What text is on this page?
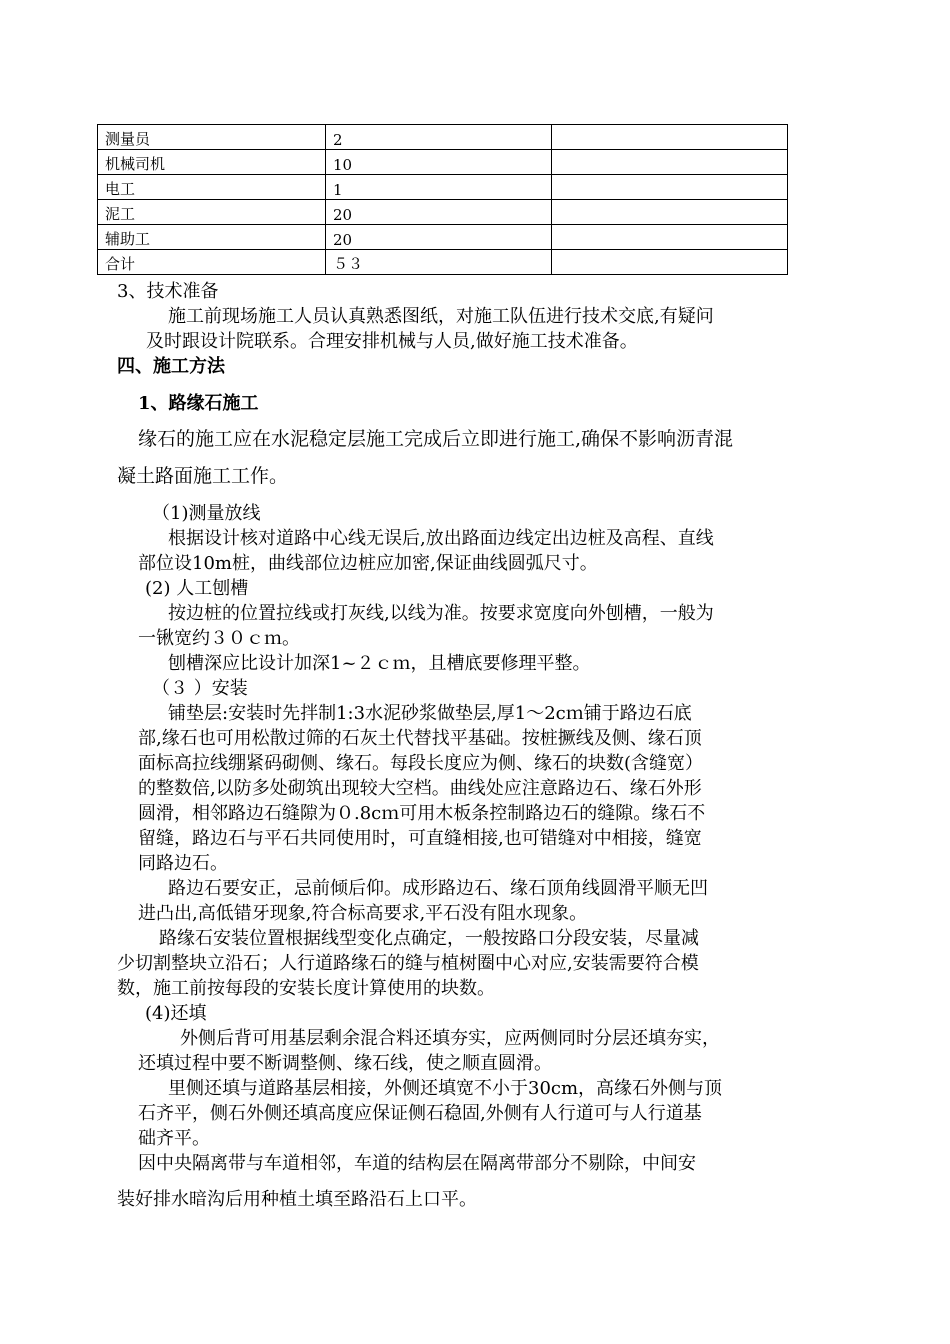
测量员	2	
机械司机	10	
电工	1	
泥工	20	
辅助工	20	
合计	５３	
3、技术准备
施工前现场施工人员认真熟悉图纸，对施工队伍进行技术交底,有疑问
及时跟设计院联系。合理安排机械与人员,做好施工技术准备。
四、施工方法
1、路缘石施工
缘石的施工应在水泥稳定层施工完成后立即进行施工,确保不影响沥青混
凝土路面施工工作。
（1)测量放线
根据设计核对道路中心线无误后,放出路面边线定出边桩及高程、直线
部位设10m桩，曲线部位边桩应加密,保证曲线圆弧尺寸。
(2) 人工刨槽
按边桩的位置拉线或打灰线,以线为准。按要求宽度向外刨槽，一般为
一锹宽约３０ｃｍ。
刨槽深应比设计加深1~２ｃｍ，且槽底要修理平整。
（３ ）安装
铺垫层:安装时先拌制1:3水泥砂浆做垫层,厚1～2cｍ铺于路边石底
部,缘石也可用松散过筛的石灰土代替找平基础。按桩撅线及侧、缘石顶
面标高拉线绷紧码砌侧、缘石。每段长度应为侧、缘石的块数(含缝宽）
的整数倍,以防多处砌筑出现较大空档。曲线处应注意路边石、缘石外形
圆滑，相邻路边石缝隙为０.8cｍ可用木板条控制路边石的缝隙。缘石不
留缝，路边石与平石共同使用时，可直缝相接,也可错缝对中相接，缝宽
同路边石。
路边石要安正，忌前倾后仰。成形路边石、缘石顶角线圆滑平顺无凹
进凸出,高低错牙现象,符合标高要求,平石没有阻水现象。
路缘石安装位置根据线型变化点确定，一般按路口分段安装，尽量减
少切割整块立沿石；人行道路缘石的缝与植树圈中心对应,安装需要符合模
数，施工前按每段的安装长度计算使用的块数。
(4)还填
外侧后背可用基层剩余混合料还填夯实，应两侧同时分层还填夯实，
还填过程中要不断调整侧、缘石线，使之顺直圆滑。
里侧还填与道路基层相接，外侧还填宽不小于30cm，高缘石外侧与顶
石齐平，侧石外侧还填高度应保证侧石稳固,外侧有人行道可与人行道基
础齐平。
因中央隔离带与车道相邻，车道的结构层在隔离带部分不剔除，中间安
装好排水暗沟后用种植土填至路沿石上口平。
